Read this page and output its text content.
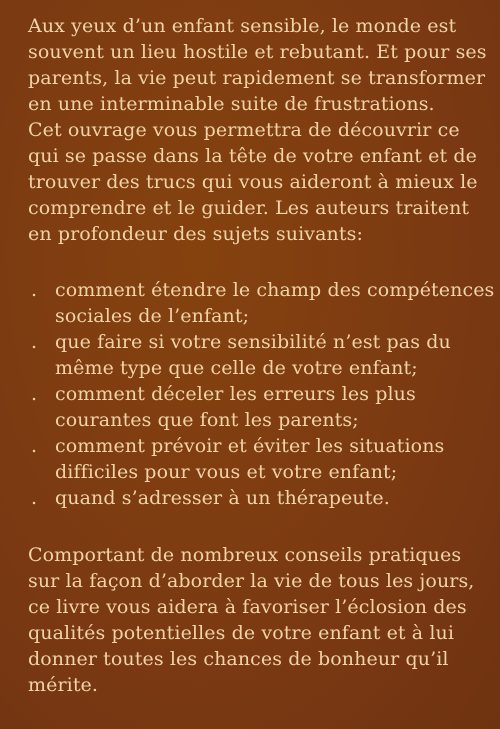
Aux yeux d’un enfant sensible, le monde est
souvent un lieu hostile et rebutant. Et pour ses
parents, la vie peut rapidement se transformer
en une interminable suite de frustrations.
Cet ouvrage vous permettra de découvrir ce
qui se passe dans la tête de votre enfant et de
trouver des trucs qui vous aideront à mieux le
comprendre et le guider. Les auteurs traitent
en profondeur des sujets suivants:
. comment étendre le champ des compétences
sociales de l’enfant;
. que faire si votre sensibilité n’est pas du
même type que celle de votre enfant;
. comment déceler les erreurs les plus
courantes que font les parents;
. comment prévoir et éviter les situations
difficiles pour vous et votre enfant;
. quand s’adresser à un thérapeute.
Comportant de nombreux conseils pratiques
sur la façon d’aborder la vie de tous les jours,
ce livre vous aidera à favoriser l’éclosion des
qualités potentielles de votre enfant et à lui
donner toutes les chances de bonheur qu’il
mérite.
